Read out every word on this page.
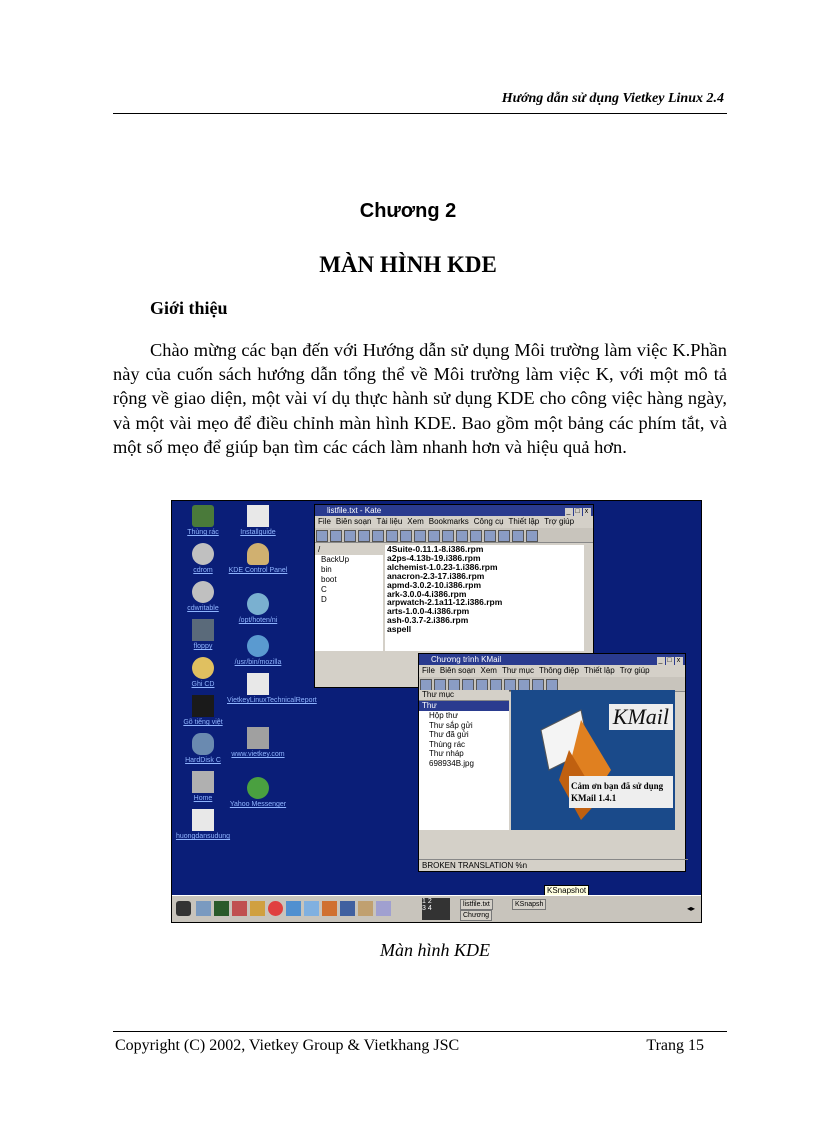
Hướng dẫn sử dụng Vietkey Linux 2.4
Chương 2
MÀN HÌNH KDE
Giới thiệu

Chào mừng các bạn đến với Hướng dẫn sử dụng Môi trường làm việc K.Phần này của cuốn sách hướng dẫn tổng thể về Môi trường làm việc K, với một mô tả rộng về giao diện, một vài ví dụ thực hành sử dụng KDE cho công việc hàng ngày, và một vài mẹo để điều chỉnh màn hình KDE. Bao gồm một bảng các phím tắt, và một số mẹo để giúp bạn tìm các cách làm nhanh hơn và hiệu quả hơn.

Thùng rác
cdrom
cdwritable
floppy
Ghi CD
Gõ tiếng việt
HardDisk C
Home
huongdansudung
Installguide
KDE Control Panel
/opt/hoten/ni
/usr/bin/mozilla
VietkeyLinuxTechnicalReport
www.vietkey.com
Yahoo Messenger
listfile.txt - Kate	_ □ x
File Biên soạn Tài liệu Xem Bookmarks Công cụ Thiết lập Trợ giúp
/
BackUp
bin
boot
C
D
4Suite-0.11.1-8.i386.rpm
a2ps-4.13b-19.i386.rpm
alchemist-1.0.23-1.i386.rpm
anacron-2.3-17.i386.rpm
apmd-3.0.2-10.i386.rpm
ark-3.0.0-4.i386.rpm
arpwatch-2.1a11-12.i386.rpm
arts-1.0.0-4.i386.rpm
ash-0.3.7-2.i386.rpm
aspell
Chương trình KMail	_ □ x
File Biên soạn Xem Thư mục Thông điệp Thiết lập Trợ giúp
Thư mục
Thư
Hộp thư
Thư sắp gửi
Thư đã gửi
Thùng rác
Thư nháp
698934B.jpg
KMail
Cảm ơn bạn đã sử dụng KMail 1.4.1
BROKEN TRANSLATION %n
KSnapshot
1 2
3 4
listfile.txt	KSnapsh
Chương
◂▸
Màn hình KDE
Copyright (C) 2002, Vietkey Group & Vietkhang JSC	Trang 15
